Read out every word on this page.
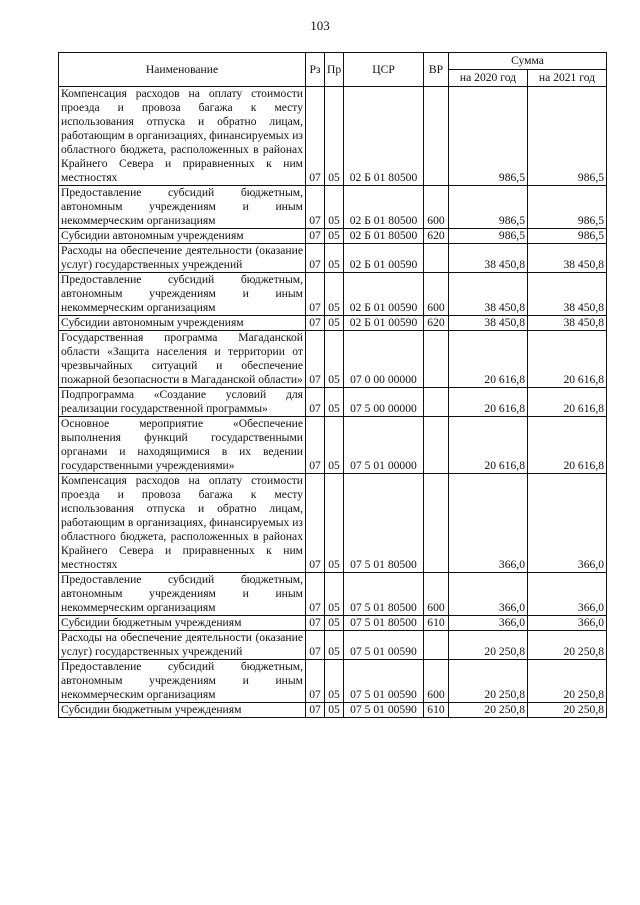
103
Наименование	Рз	Пр	ЦСР	ВР	Сумма	
					на 2020 год	на 2021 год
Компенсация расходов на оплату стоимости проезда и провоза багажа к месту использования отпуска и обратно лицам, работающим в организациях, финансируемых из областного бюджета, расположенных в районах Крайнего Севера и приравненных к ним местностях	07	05	02 Б 01 80500		986,5	986,5
Предоставление субсидий бюджетным, автономным учреждениям и иным некоммерческим организациям	07	05	02 Б 01 80500	600	986,5	986,5
Субсидии автономным учреждениям	07	05	02 Б 01 80500	620	986,5	986,5
Расходы на обеспечение деятельности (оказание услуг) государственных учреждений	07	05	02 Б 01 00590		38 450,8	38 450,8
Предоставление субсидий бюджетным, автономным учреждениям и иным некоммерческим организациям	07	05	02 Б 01 00590	600	38 450,8	38 450,8
Субсидии автономным учреждениям	07	05	02 Б 01 00590	620	38 450,8	38 450,8
Государственная программа Магаданской области «Защита населения и территории от чрезвычайных ситуаций и обеспечение пожарной безопасности в Магаданской области»	07	05	07 0 00 00000		20 616,8	20 616,8
Подпрограмма «Создание условий для реализации государственной программы»	07	05	07 5 00 00000		20 616,8	20 616,8
Основное мероприятие «Обеспечение выполнения функций государственными органами и находящимися в их ведении государственными учреждениями»	07	05	07 5 01 00000		20 616,8	20 616,8
Компенсация расходов на оплату стоимости проезда и провоза багажа к месту использования отпуска и обратно лицам, работающим в организациях, финансируемых из областного бюджета, расположенных в районах Крайнего Севера и приравненных к ним местностях	07	05	07 5 01 80500		366,0	366,0
Предоставление субсидий бюджетным, автономным учреждениям и иным некоммерческим организациям	07	05	07 5 01 80500	600	366,0	366,0
Субсидии бюджетным учреждениям	07	05	07 5 01 80500	610	366,0	366,0
Расходы на обеспечение деятельности (оказание услуг) государственных учреждений	07	05	07 5 01 00590		20 250,8	20 250,8
Предоставление субсидий бюджетным, автономным учреждениям и иным некоммерческим организациям	07	05	07 5 01 00590	600	20 250,8	20 250,8
Субсидии бюджетным учреждениям	07	05	07 5 01 00590	610	20 250,8	20 250,8
